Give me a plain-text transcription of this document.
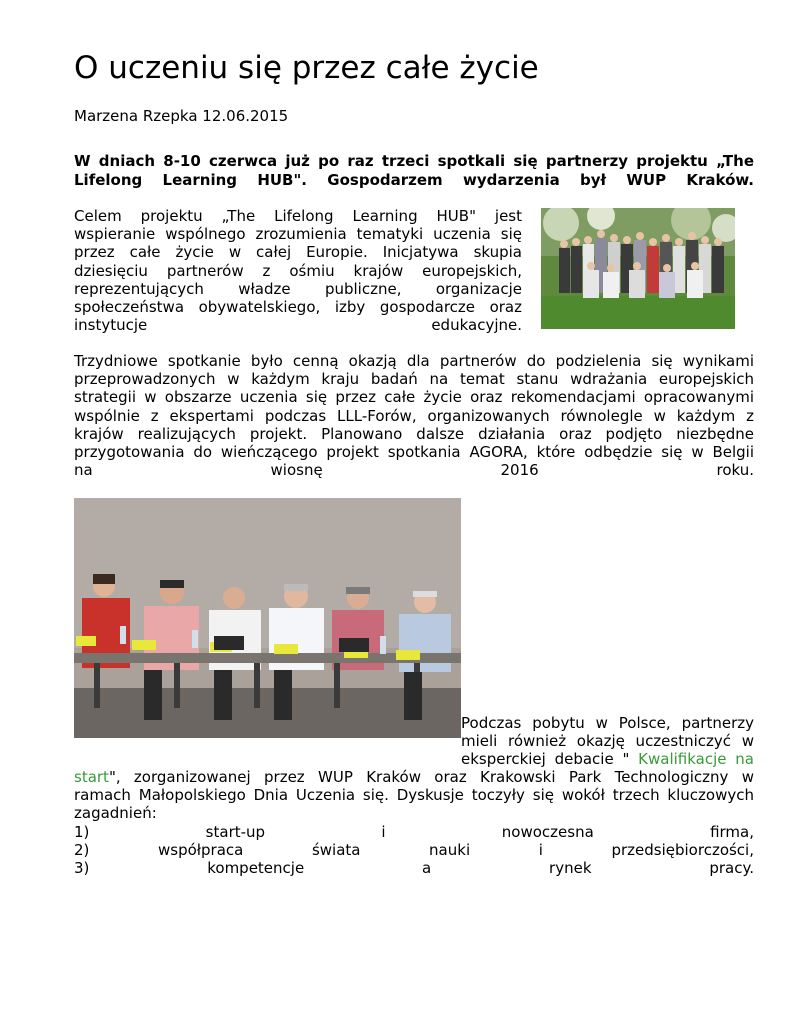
O uczeniu się przez całe życie
Marzena Rzepka 12.06.2015
W dniach 8-10 czerwca już po raz trzeci spotkali się partnerzy projektu „The
Lifelong Learning HUB". Gospodarzem wydarzenia był WUP Kraków.
Celem projektu „The Lifelong Learning HUB" jest
wspieranie wspólnego zrozumienia tematyki uczenia się
przez całe życie w całej Europie. Inicjatywa skupia
dziesięciu partnerów z ośmiu krajów europejskich,
reprezentujących władze publiczne, organizacje
społeczeństwa obywatelskiego, izby gospodarcze oraz
instytucje edukacyjne.
Trzydniowe spotkanie było cenną okazją dla partnerów do podzielenia się wynikami
przeprowadzonych w każdym kraju badań na temat stanu wdrażania europejskich
strategii w obszarze uczenia się przez całe życie oraz rekomendacjami opracowanymi
wspólnie z ekspertami podczas LLL-Forów, organizowanych równolegle w każdym z
krajów realizujących projekt. Planowano dalsze działania oraz podjęto niezbędne
przygotowania do wieńczącego projekt spotkania AGORA, które odbędzie się w Belgii
na wiosnę 2016 roku.
Podczas pobytu w Polsce, partnerzy
mieli również okazję uczestniczyć w
eksperckiej debacie " Kwalifikacje na
start", zorganizowanej przez WUP Kraków oraz Krakowski Park Technologiczny w
ramach Małopolskiego Dnia Uczenia się. Dyskusje toczyły się wokół trzech kluczowych
zagadnień:
1) start-up i nowoczesna firma,
2) współpraca świata nauki i przedsiębiorczości,
3) kompetencje a rynek pracy.
